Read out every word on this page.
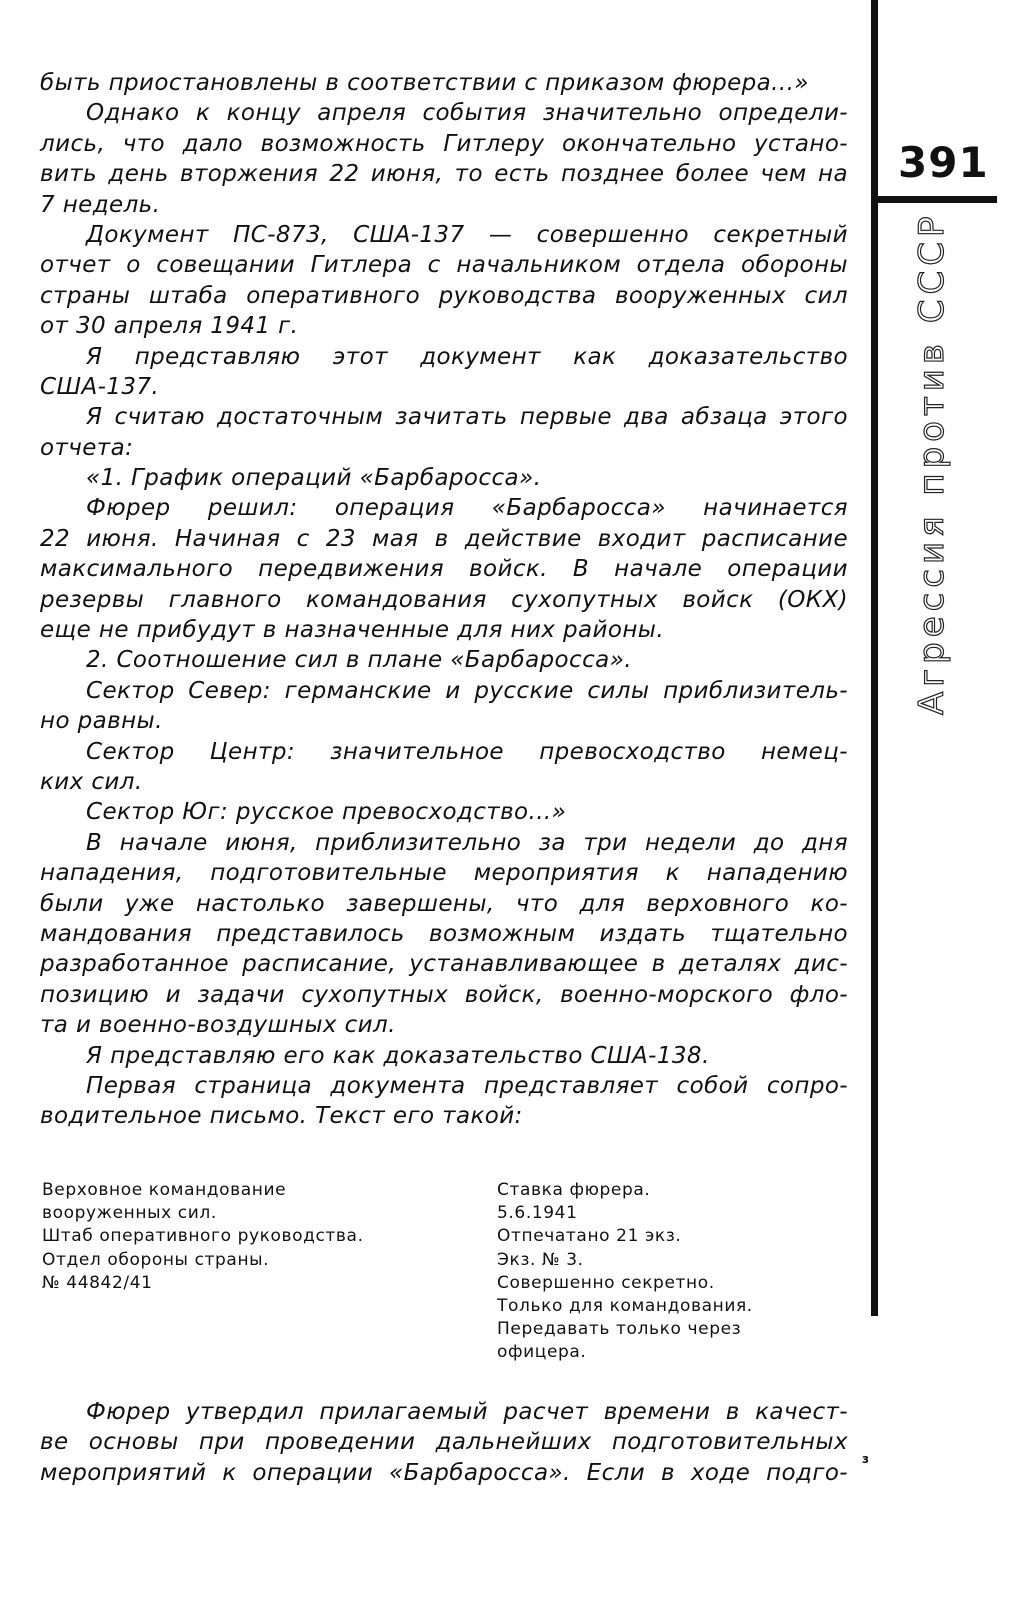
быть приостановлены в соответствии с приказом фюрера...»
Однако к концу апреля события значительно определи-
лись, что дало возможность Гитлеру окончательно устано-
вить день вторжения 22 июня, то есть позднее более чем на
7 недель.
Документ ПС-873, США-137 — совершенно секретный
отчет о совещании Гитлера с начальником отдела обороны
страны штаба оперативного руководства вооруженных сил
от 30 апреля 1941 г.
Я представляю этот документ как доказательство
США-137.
Я считаю достаточным зачитать первые два абзаца этого
отчета:
«1. График операций «Барбаросса».
Фюрер решил: операция «Барбаросса» начинается
22 июня. Начиная с 23 мая в действие входит расписание
максимального передвижения войск. В начале операции
резервы главного командования сухопутных войск (ОКХ)
еще не прибудут в назначенные для них районы.
2. Соотношение сил в плане «Барбаросса».
Сектор Север: германские и русские силы приблизитель-
но равны.
Сектор Центр: значительное превосходство немец-
ких сил.
Сектор Юг: русское превосходство...»
В начале июня, приблизительно за три недели до дня
нападения, подготовительные мероприятия к нападению
были уже настолько завершены, что для верховного ко-
мандования представилось возможным издать тщательно
разработанное расписание, устанавливающее в деталях дис-
позицию и задачи сухопутных войск, военно-морского фло-
та и военно-воздушных сил.
Я представляю его как доказательство США-138.
Первая страница документа представляет собой сопро-
водительное письмо. Текст его такой:
Верховное командование
вооруженных сил.
Штаб оперативного руководства.
Отдел обороны страны.
№ 44842/41
Ставка фюрера.
5.6.1941
Отпечатано 21 экз.
Экз. № 3.
Совершенно секретно.
Только для командования.
Передавать только через
офицера.
Фюрер утвердил прилагаемый расчет времени в качест-
ве основы при проведении дальнейших подготовительных
мероприятий к операции «Барбаросса». Если в ходе подго-
391
Агрессия против СССР
з
